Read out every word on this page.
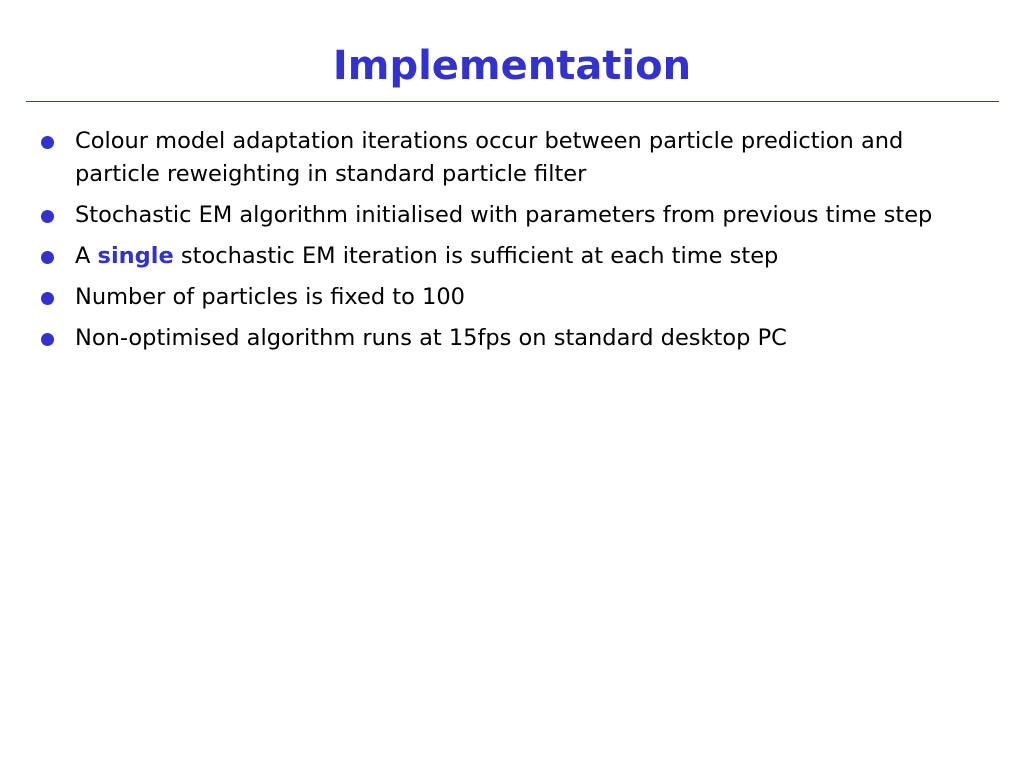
Implementation
Colour model adaptation iterations occur between particle prediction and particle reweighting in standard particle filter
Stochastic EM algorithm initialised with parameters from previous time step
A single stochastic EM iteration is sufficient at each time step
Number of particles is fixed to 100
Non-optimised algorithm runs at 15fps on standard desktop PC
